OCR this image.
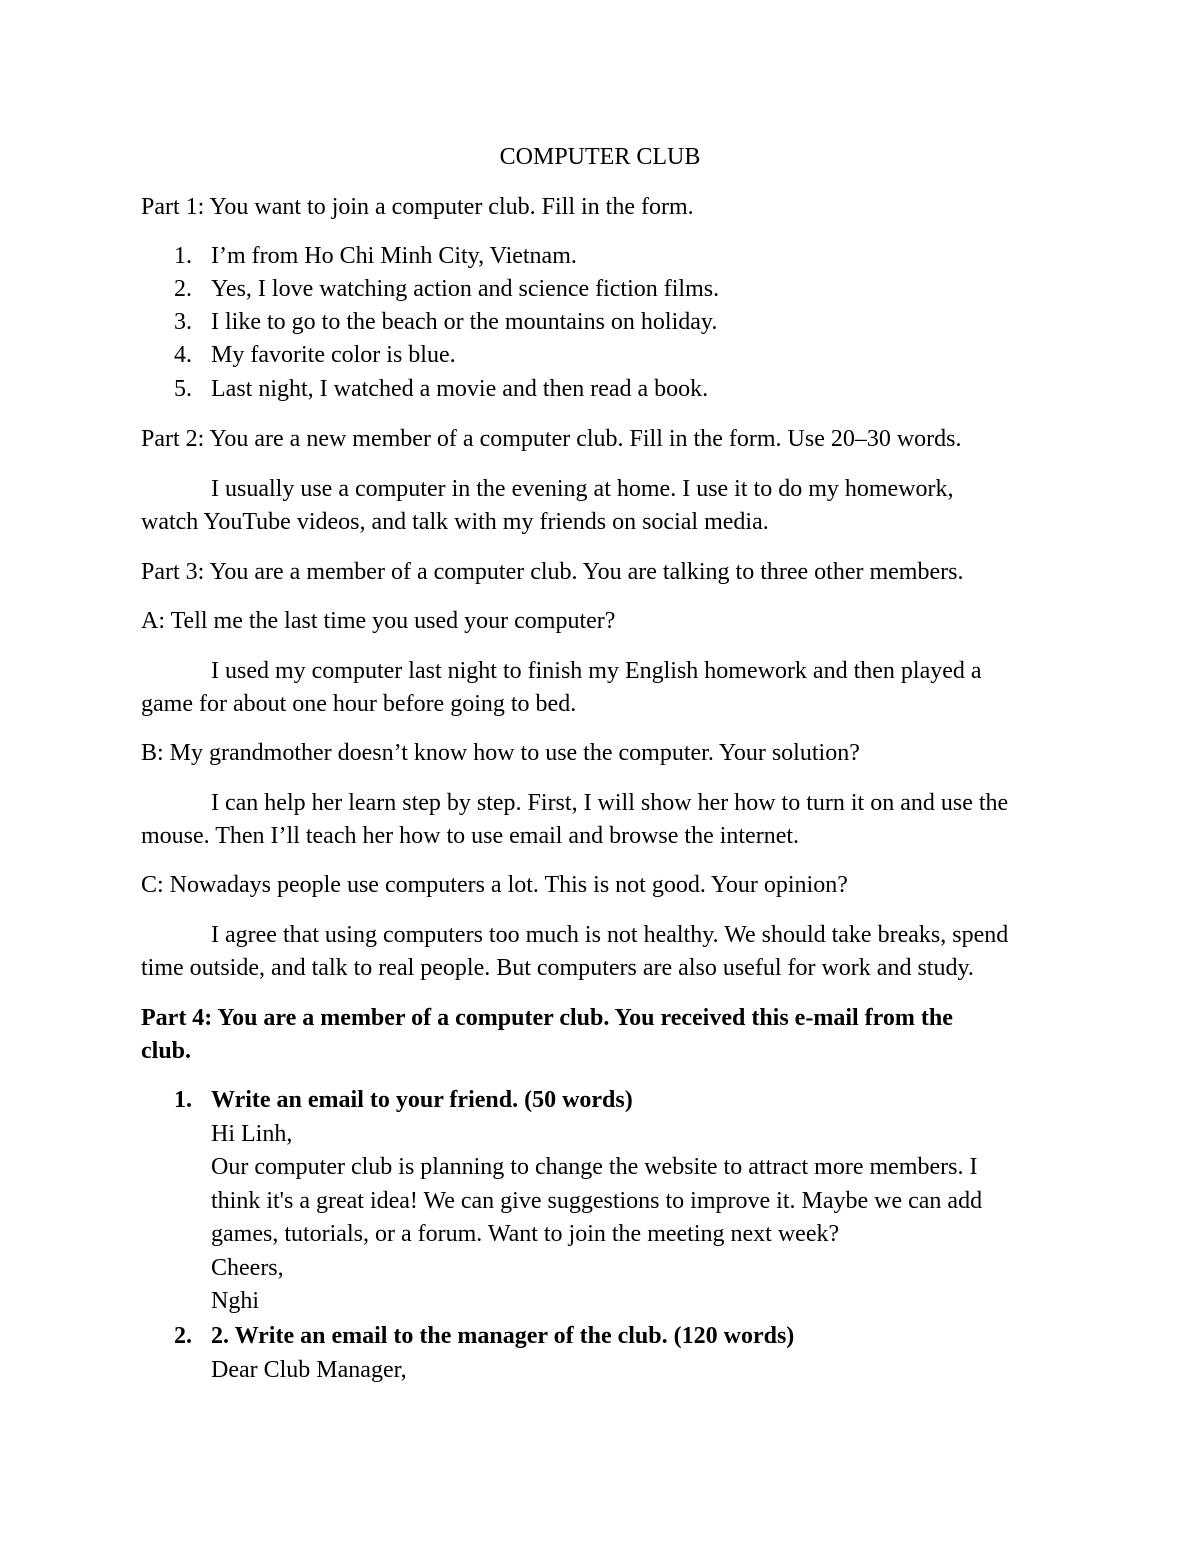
COMPUTER CLUB
Part 1: You want to join a computer club. Fill in the form.
1. I’m from Ho Chi Minh City, Vietnam.
2. Yes, I love watching action and science fiction films.
3. I like to go to the beach or the mountains on holiday.
4. My favorite color is blue.
5. Last night, I watched a movie and then read a book.
Part 2: You are a new member of a computer club. Fill in the form. Use 20–30 words.
I usually use a computer in the evening at home. I use it to do my homework,
watch YouTube videos, and talk with my friends on social media.
Part 3: You are a member of a computer club. You are talking to three other members.
A: Tell me the last time you used your computer?
I used my computer last night to finish my English homework and then played a
game for about one hour before going to bed.
B: My grandmother doesn’t know how to use the computer. Your solution?
I can help her learn step by step. First, I will show her how to turn it on and use the
mouse. Then I’ll teach her how to use email and browse the internet.
C: Nowadays people use computers a lot. This is not good. Your opinion?
I agree that using computers too much is not healthy. We should take breaks, spend
time outside, and talk to real people. But computers are also useful for work and study.
Part 4: You are a member of a computer club. You received this e-mail from the
club.
1. Write an email to your friend. (50 words)
Hi Linh,
Our computer club is planning to change the website to attract more members. I
think it's a great idea! We can give suggestions to improve it. Maybe we can add
games, tutorials, or a forum. Want to join the meeting next week?
Cheers,
Nghi
2. 2. Write an email to the manager of the club. (120 words)
Dear Club Manager,
